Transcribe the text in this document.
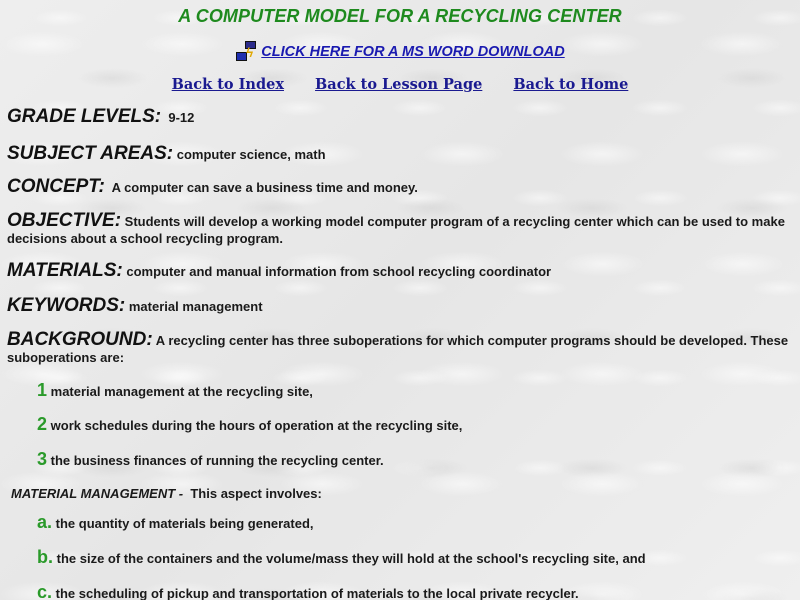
A COMPUTER MODEL FOR A RECYCLING CENTER
ϟ CLICK HERE FOR A MS WORD DOWNLOAD
Back to Index Back to Lesson Page Back to Home
GRADE LEVELS: 9-12
SUBJECT AREAS: computer science, math
CONCEPT: A computer can save a business time and money.
OBJECTIVE: Students will develop a working model computer program of a recycling center which can be used to make decisions about a school recycling program.
MATERIALS: computer and manual information from school recycling coordinator
KEYWORDS: material management
BACKGROUND: A recycling center has three suboperations for which computer programs should be developed. These suboperations are:
1 material management at the recycling site,
2 work schedules during the hours of operation at the recycling site,
3 the business finances of running the recycling center.
MATERIAL MANAGEMENT - This aspect involves:
a. the quantity of materials being generated,
b. the size of the containers and the volume/mass they will hold at the school's recycling site, and
c. the scheduling of pickup and transportation of materials to the local private recycler.
